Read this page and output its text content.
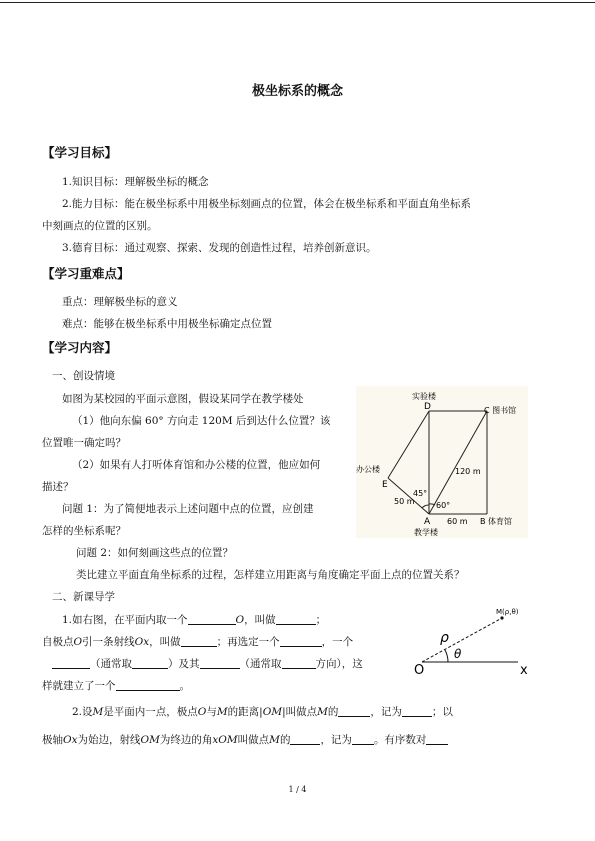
极坐标系的概念
【学习目标】
1.知识目标：理解极坐标的概念
2.能力目标：能在极坐标系中用极坐标刻画点的位置，体会在极坐标系和平面直角坐标系
中刻画点的位置的区别。
3.德育目标：通过观察、探索、发现的创造性过程，培养创新意识。
【学习重难点】
重点：理解极坐标的意义
难点：能够在极坐标系中用极坐标确定点位置
【学习内容】
一、创设情境
如图为某校园的平面示意图，假设某同学在教学楼处
（1）他向东偏 60° 方向走 120M 后到达什么位置？该
位置唯一确定吗？
（2）如果有人打听体育馆和办公楼的位置，他应如何
描述？
问题 1：为了简便地表示上述问题中点的位置，应创建
怎样的坐标系呢？
问题 2：如何刻画这些点的位置？
类比建立平面直角坐标系的过程，怎样建立用距离与角度确定平面上点的位置关系？
实验楼
D	C 图书馆
办公楼
E
120 m
45°
50 m	60°
A 60 m B 体育馆
教学楼
二、新课导学
1.如右图，在平面内取一个	O，叫做	；
自极点O引一条射线Ox，叫做	；再选定一个	，一个
（通常取	）及其	（通常取	方向），这
样就建立了一个	。
2.设M是平面内一点，极点O与M的距离|OM|叫做点M的	，记为	；以
极轴Ox为始边，射线OM为终边的角xOM叫做点M的	，记为 。有序数对
M(ρ,θ)
ρ
θ
O	x
1 / 4
